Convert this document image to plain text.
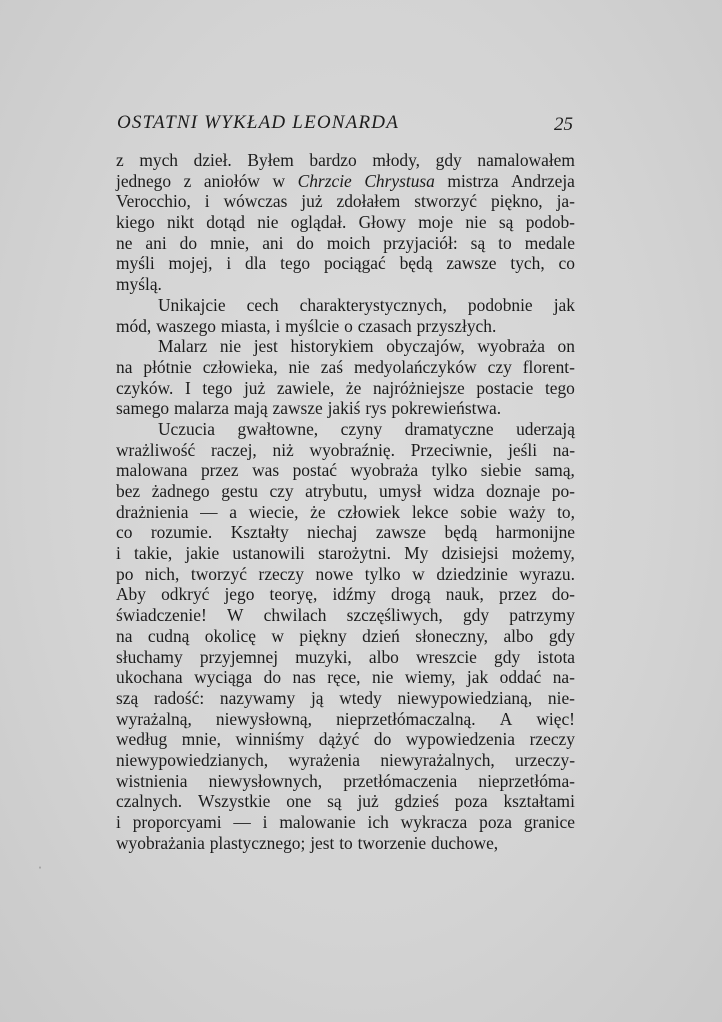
OSTATNI WYKŁAD LEONARDA	25
z mych dzieł. Byłem bardzo młody, gdy namalowałem
jednego z aniołów w Chrzcie Chrystusa mistrza Andrzeja
Verocchio, i wówczas już zdołałem stworzyć piękno, ja-
kiego nikt dotąd nie oglądał. Głowy moje nie są podob-
ne ani do mnie, ani do moich przyjaciół: są to medale
myśli mojej, i dla tego pociągać będą zawsze tych, co
myślą.
Unikajcie cech charakterystycznych, podobnie jak
mód, waszego miasta, i myślcie o czasach przyszłych.
Malarz nie jest historykiem obyczajów, wyobraża on
na płótnie człowieka, nie zaś medyolańczyków czy florent-
czyków. I tego już zawiele, że najróżniejsze postacie tego
samego malarza mają zawsze jakiś rys pokrewieństwa.
Uczucia gwałtowne, czyny dramatyczne uderzają
wrażliwość raczej, niż wyobraźnię. Przeciwnie, jeśli na-
malowana przez was postać wyobraża tylko siebie samą,
bez żadnego gestu czy atrybutu, umysł widza doznaje po-
drażnienia — a wiecie, że człowiek lekce sobie waży to,
co rozumie. Kształty niechaj zawsze będą harmonijne
i takie, jakie ustanowili starożytni. My dzisiejsi możemy,
po nich, tworzyć rzeczy nowe tylko w dziedzinie wyrazu.
Aby odkryć jego teoryę, idźmy drogą nauk, przez do-
świadczenie! W chwilach szczęśliwych, gdy patrzymy
na cudną okolicę w piękny dzień słoneczny, albo gdy
słuchamy przyjemnej muzyki, albo wreszcie gdy istota
ukochana wyciąga do nas ręce, nie wiemy, jak oddać na-
szą radość: nazywamy ją wtedy niewypowiedzianą, nie-
wyrażalną, niewysłowną, nieprzetłómaczalną. A więc!
według mnie, winniśmy dążyć do wypowiedzenia rzeczy
niewypowiedzianych, wyrażenia niewyrażalnych, urzeczy-
wistnienia niewysłownych, przetłómaczenia nieprzetłóma-
czalnych. Wszystkie one są już gdzieś poza kształtami
i proporcyami — i malowanie ich wykracza poza granice
wyobrażania plastycznego; jest to tworzenie duchowe,
ˌ
